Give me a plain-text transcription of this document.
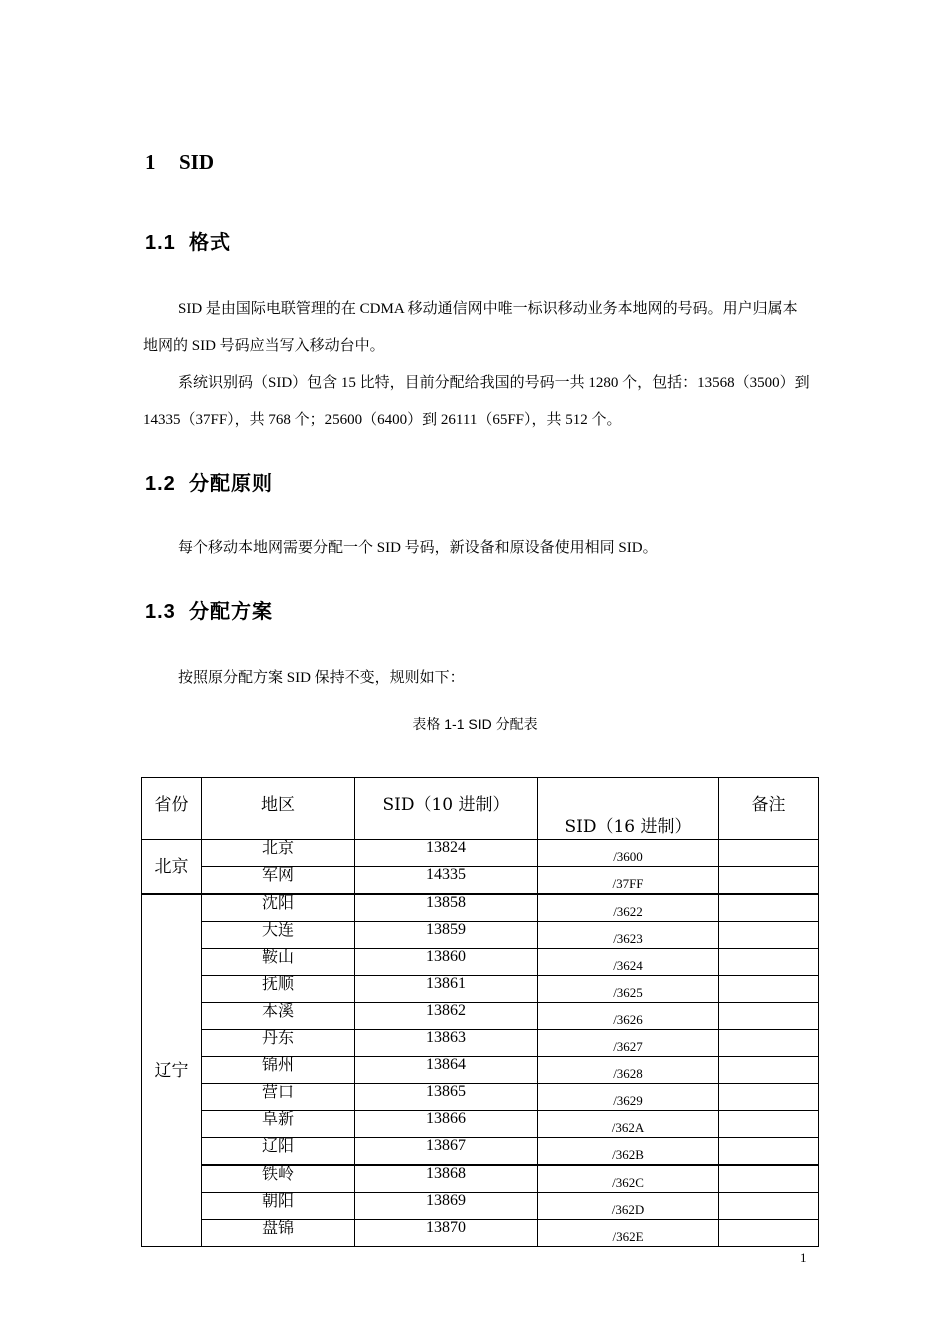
1 SID
1.1 格式

SID 是由国际电联管理的在 CDMA 移动通信网中唯一标识移动业务本地网的号码。用户归属本地网的 SID 号码应当写入移动台中。

系统识别码（SID）包含 15 比特，目前分配给我国的号码一共 1280 个，包括：13568（3500）到 14335（37FF），共 768 个；25600（6400）到 26111（65FF），共 512 个。

1.2 分配原则

每个移动本地网需要分配一个 SID 号码，新设备和原设备使用相同 SID。

1.3 分配方案

按照原分配方案 SID 保持不变，规则如下：

表格 1-1 SID 分配表

省份	地区	SID（10 进制）	SID（16 进制）	备注
北京	北京	13824	/3600	
	军网	14335	/37FF	
辽宁	沈阳	13858	/3622	
	大连	13859	/3623	
	鞍山	13860	/3624	
	抚顺	13861	/3625	
	本溪	13862	/3626	
	丹东	13863	/3627	
	锦州	13864	/3628	
	营口	13865	/3629	
	阜新	13866	/362A	
	辽阳	13867	/362B	
	铁岭	13868	/362C	
	朝阳	13869	/362D	
	盘锦	13870	/362E	
1
